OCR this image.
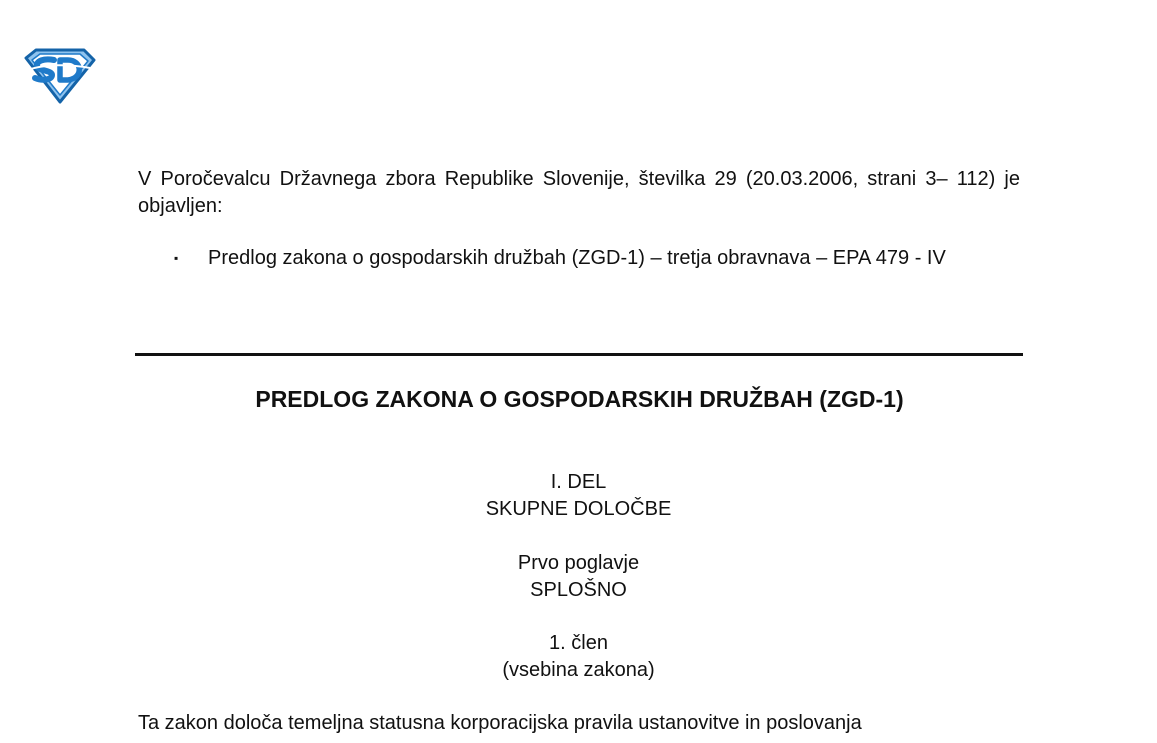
V Poročevalcu Državnega zbora Republike Slovenije, številka 29 (20.03.2006, strani 3– 112) je objavljen:
▪	Predlog zakona o gospodarskih družbah (ZGD-1) – tretja obravnava – EPA 479 - IV
PREDLOG ZAKONA O GOSPODARSKIH DRUŽBAH (ZGD-1)
I. DEL
SKUPNE DOLOČBE
Prvo poglavje
SPLOŠNO
1. člen
(vsebina zakona)
Ta zakon določa temeljna statusna korporacijska pravila ustanovitve in poslovanja
